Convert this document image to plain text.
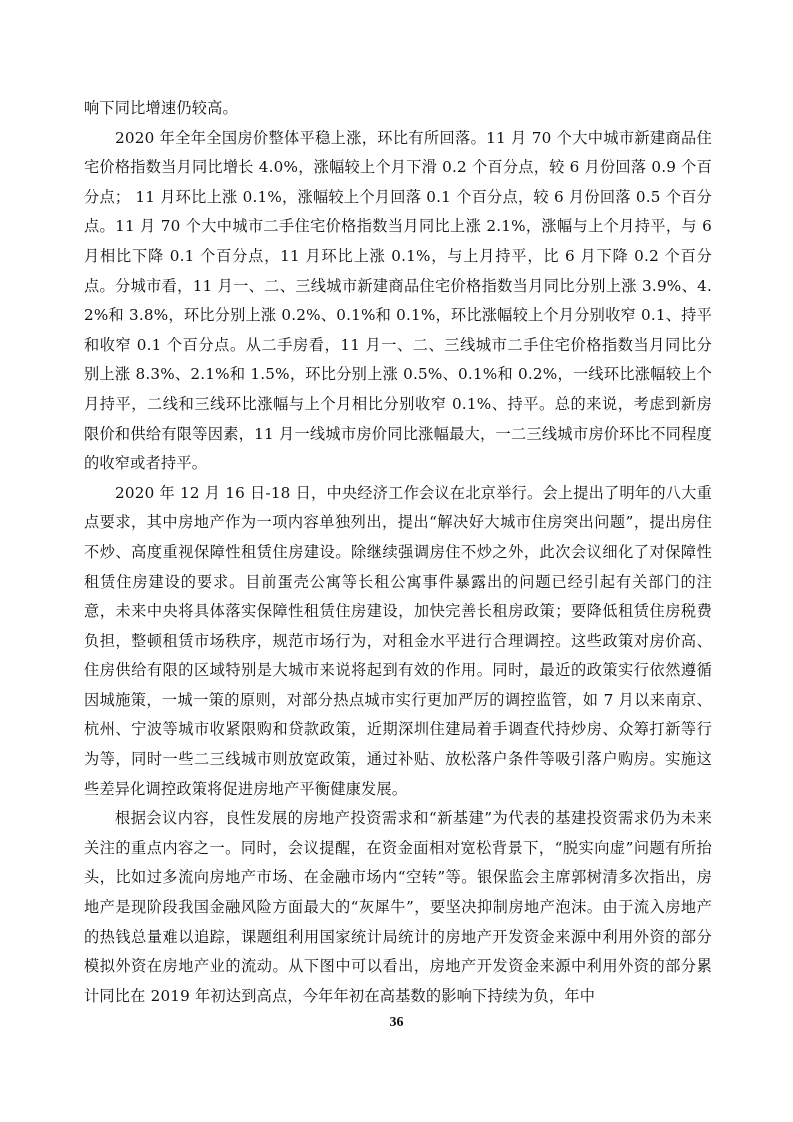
响下同比增速仍较高。

2020 年全年全国房价整体平稳上涨，环比有所回落。11 月 70 个大中城市新建商品住宅价格指数当月同比增长 4.0%，涨幅较上个月下滑 0.2 个百分点，较 6 月份回落 0.9 个百分点； 11 月环比上涨 0.1%，涨幅较上个月回落 0.1 个百分点，较 6 月份回落 0.5 个百分点。11 月 70 个大中城市二手住宅价格指数当月同比上涨 2.1%，涨幅与上个月持平，与 6 月相比下降 0.1 个百分点，11 月环比上涨 0.1%，与上月持平，比 6 月下降 0.2 个百分点。分城市看，11 月一、二、三线城市新建商品住宅价格指数当月同比分别上涨 3.9%、4.2%和 3.8%，环比分别上涨 0.2%、0.1%和 0.1%，环比涨幅较上个月分别收窄 0.1、持平和收窄 0.1 个百分点。从二手房看，11 月一、二、三线城市二手住宅价格指数当月同比分别上涨 8.3%、2.1%和 1.5%，环比分别上涨 0.5%、0.1%和 0.2%，一线环比涨幅较上个月持平，二线和三线环比涨幅与上个月相比分别收窄 0.1%、持平。总的来说，考虑到新房限价和供给有限等因素，11 月一线城市房价同比涨幅最大，一二三线城市房价环比不同程度的收窄或者持平。

2020 年 12 月 16 日-18 日，中央经济工作会议在北京举行。会上提出了明年的八大重点要求，其中房地产作为一项内容单独列出，提出“解决好大城市住房突出问题”，提出房住不炒、高度重视保障性租赁住房建设。除继续强调房住不炒之外，此次会议细化了对保障性租赁住房建设的要求。目前蛋壳公寓等长租公寓事件暴露出的问题已经引起有关部门的注意，未来中央将具体落实保障性租赁住房建设，加快完善长租房政策；要降低租赁住房税费负担，整顿租赁市场秩序，规范市场行为，对租金水平进行合理调控。这些政策对房价高、住房供给有限的区域特别是大城市来说将起到有效的作用。同时，最近的政策实行依然遵循因城施策，一城一策的原则，对部分热点城市实行更加严厉的调控监管，如 7 月以来南京、杭州、宁波等城市收紧限购和贷款政策，近期深圳住建局着手调查代持炒房、众筹打新等行为等，同时一些二三线城市则放宽政策，通过补贴、放松落户条件等吸引落户购房。实施这些差异化调控政策将促进房地产平衡健康发展。

根据会议内容，良性发展的房地产投资需求和“新基建”为代表的基建投资需求仍为未来关注的重点内容之一。同时，会议提醒，在资金面相对宽松背景下，“脱实向虚”问题有所抬头，比如过多流向房地产市场、在金融市场内“空转”等。银保监会主席郭树清多次指出，房地产是现阶段我国金融风险方面最大的“灰犀牛”，要坚决抑制房地产泡沫。由于流入房地产的热钱总量难以追踪，课题组利用国家统计局统计的房地产开发资金来源中利用外资的部分模拟外资在房地产业的流动。从下图中可以看出，房地产开发资金来源中利用外资的部分累计同比在 2019 年初达到高点，今年年初在高基数的影响下持续为负，年中

36
